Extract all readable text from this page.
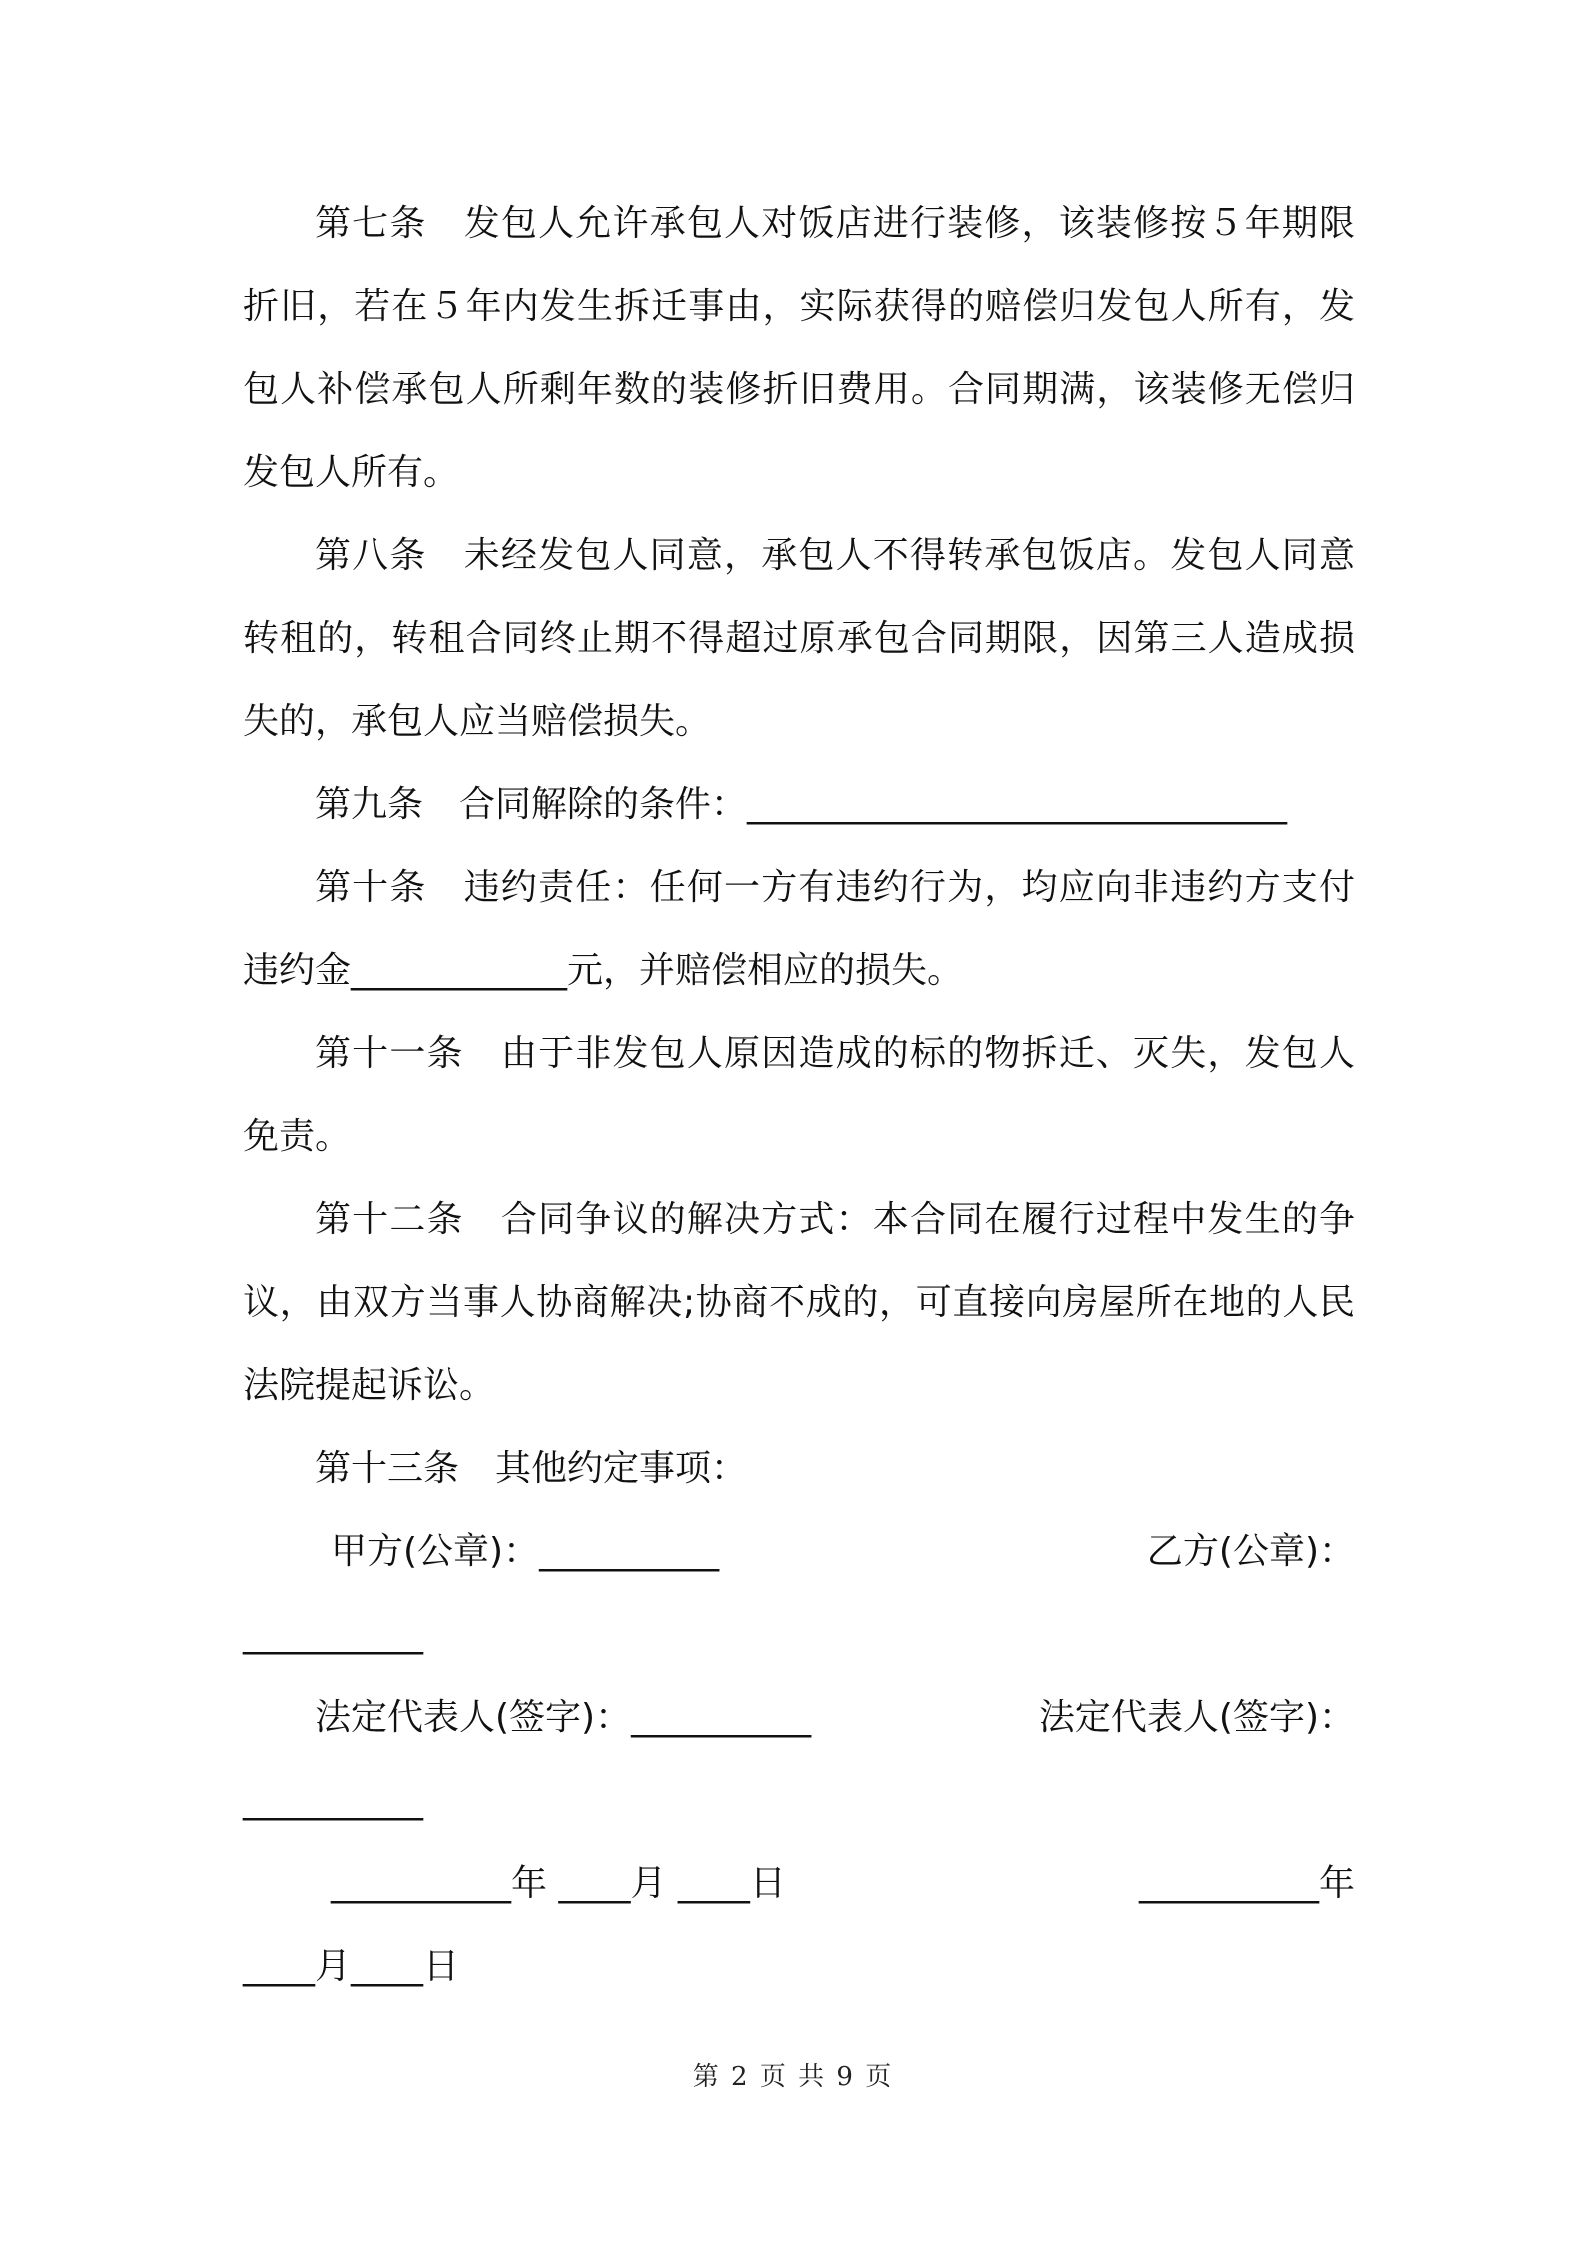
第七条　发包人允许承包人对饭店进行装修，该装修按５年期限折旧，若在５年内发生拆迁事由，实际获得的赔偿归发包人所有，发包人补偿承包人所剩年数的装修折旧费用。合同期满，该装修无偿归发包人所有。

第八条　未经发包人同意，承包人不得转承包饭店。发包人同意转租的，转租合同终止期不得超过原承包合同期限，因第三人造成损失的，承包人应当赔偿损失。

第九条　合同解除的条件：______________________________

第十条　违约责任：任何一方有违约行为，均应向非违约方支付违约金____________元，并赔偿相应的损失。

第十一条　由于非发包人原因造成的标的物拆迁、灭失，发包人免责。

第十二条　合同争议的解决方式：本合同在履行过程中发生的争议，由双方当事人协商解决;协商不成的，可直接向房屋所在地的人民法院提起诉讼。

第十三条　其他约定事项：

甲方(公章)：__________	乙方(公章)：
__________
法定代表人(签字)：__________	法定代表人(签字)：
__________
__________年 ____月 ____日	__________年
____月____日
第 2 页 共 9 页
